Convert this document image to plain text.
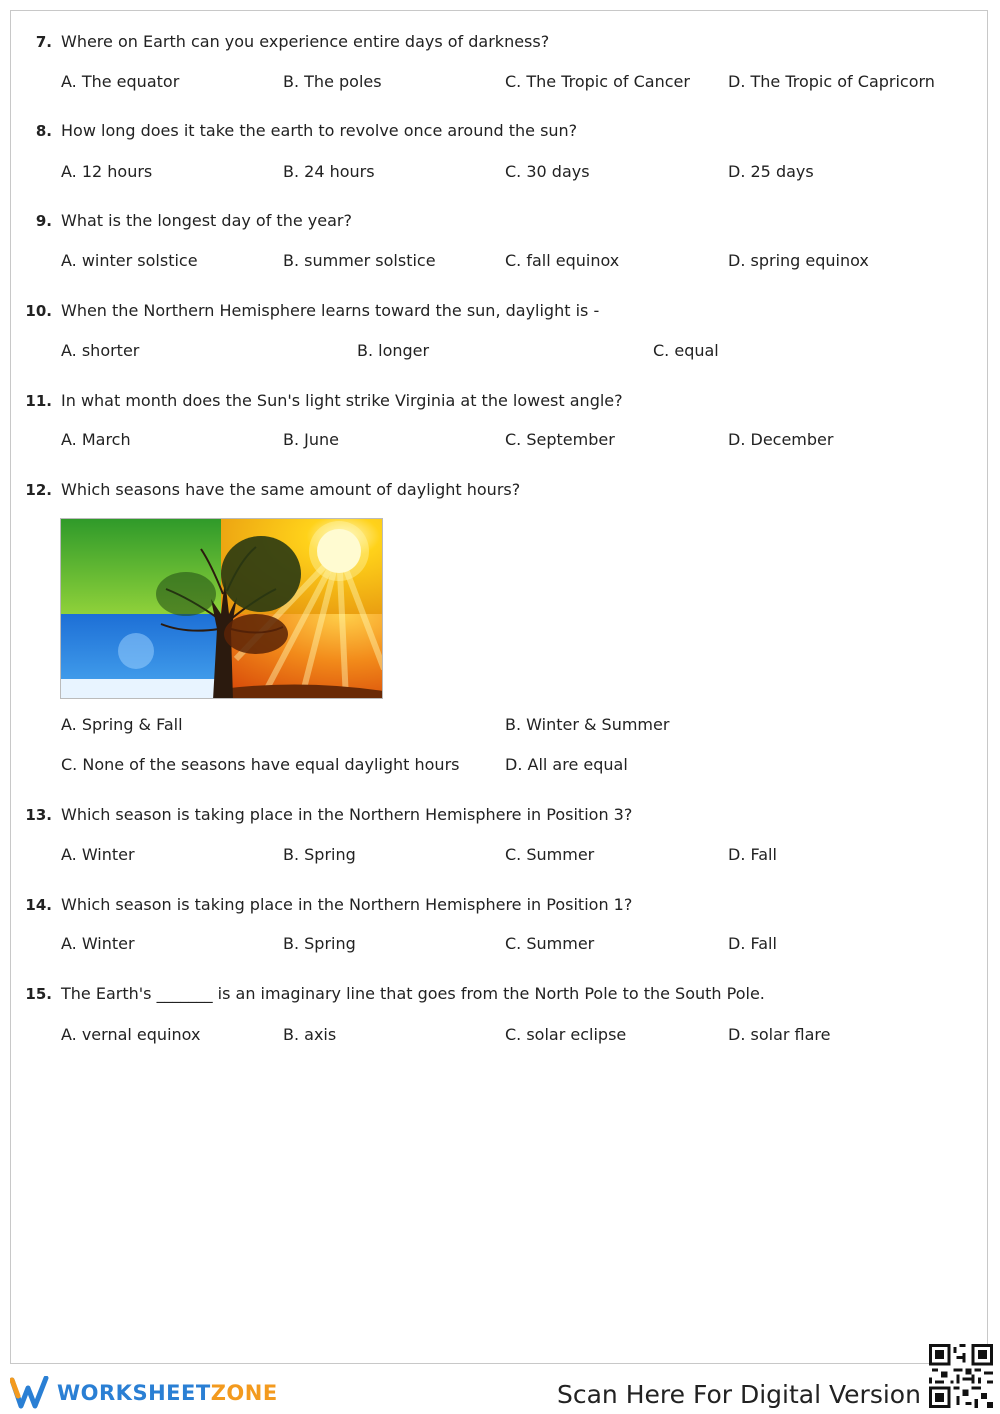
7. Where on Earth can you experience entire days of darkness?
A. The equator	B. The poles	C. The Tropic of Cancer D. The Tropic of Capricorn
8. How long does it take the earth to revolve once around the sun?
A. 12 hours	B. 24 hours	C. 30 days	D. 25 days
9. What is the longest day of the year?
A. winter solstice	B. summer solstice	C. fall equinox	D. spring equinox
10. When the Northern Hemisphere learns toward the sun, daylight is -
A. shorter	B. longer	C. equal
11. In what month does the Sun's light strike Virginia at the lowest angle?
A. March	B. June	C. September	D. December
12. Which seasons have the same amount of daylight hours?
A. Spring & Fall	B. Winter & Summer
C. None of the seasons have equal daylight hours	D. All are equal
13. Which season is taking place in the Northern Hemisphere in Position 3?
A. Winter	B. Spring	C. Summer	D. Fall
14. Which season is taking place in the Northern Hemisphere in Position 1?
A. Winter	B. Spring	C. Summer	D. Fall
15. The Earth's _______ is an imaginary line that goes from the North Pole to the South Pole.
A. vernal equinox	B. axis	C. solar eclipse	D. solar flare
WORKSHEETZONE	Scan Here For Digital Version
